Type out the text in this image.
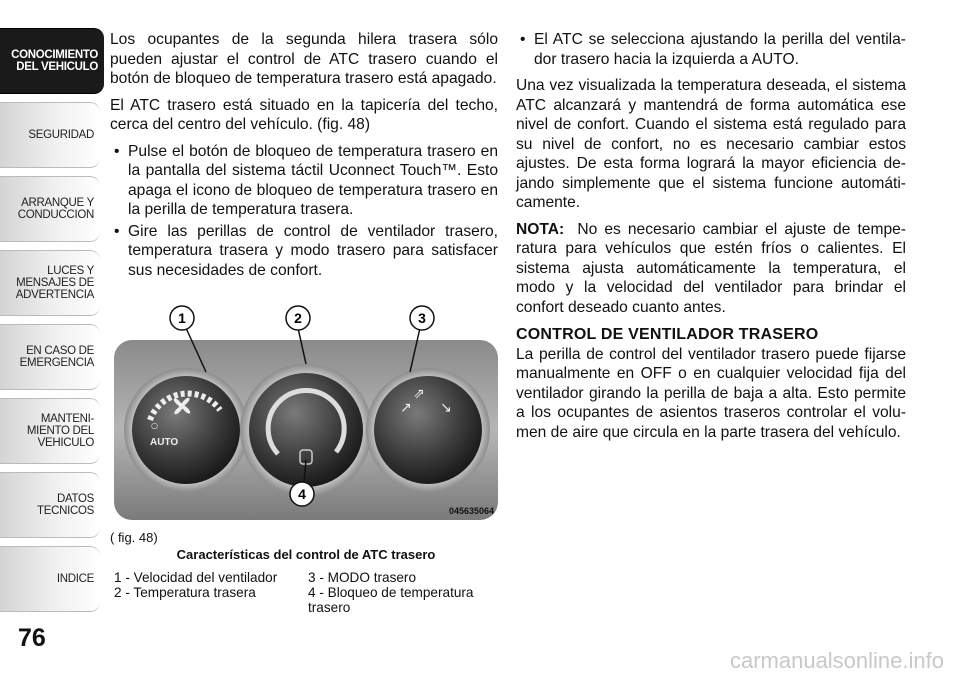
CONOCIMIENTO
DEL VEHICULO
SEGURIDAD
ARRANQUE Y
CONDUCCION
LUCES Y
MENSAJES DE
ADVERTENCIA
EN CASO DE
EMERGENCIA
MANTENI-
MIENTO DEL
VEHICULO
DATOS
TECNICOS
INDICE
76

Los ocupantes de la segunda hilera trasera sólo pueden ajustar el control de ATC trasero cuando el botón de bloqueo de temperatura trasero está apagado.

El ATC trasero está situado en la tapicería del techo, cerca del centro del vehículo. (fig. 48)

• Pulse el botón de bloqueo de temperatura trasero en la pantalla del sistema táctil Uconnect Touch™. Esto apaga el icono de bloqueo de temperatura trasero en la perilla de temperatura trasera.
• Gire las perillas de control de ventilador trasero, temperatura trasera y modo trasero para satisfacer sus necesidades de confort.
○
AUTO
↗
⇗
↘
1	2	3
4
045635064
( fig. 48)
Características del control de ATC trasero
1 - Velocidad del ventilador
2 - Temperatura trasera
3 - MODO trasero
4 - Bloqueo de temperatura trasero
• El ATC se selecciona ajustando la perilla del ventila-dor trasero hacia la izquierda a AUTO.

Una vez visualizada la temperatura deseada, el sistema ATC alcanzará y mantendrá de forma automática ese nivel de confort. Cuando el sistema está regulado para su nivel de confort, no es necesario cambiar estos ajustes. De esta forma logrará la mayor eficiencia de-jando simplemente que el sistema funcione automáti-camente.

NOTA: No es necesario cambiar el ajuste de tempe-ratura para vehículos que estén fríos o calientes. El sistema ajusta automáticamente la temperatura, el modo y la velocidad del ventilador para brindar el confort deseado cuanto antes.

CONTROL DE VENTILADOR TRASERO

La perilla de control del ventilador trasero puede fijarse manualmente en OFF o en cualquier velocidad fija del ventilador girando la perilla de baja a alta. Esto permite a los ocupantes de asientos traseros controlar el volu-men de aire que circula en la parte trasera del vehículo.

carmanualsonline.info
